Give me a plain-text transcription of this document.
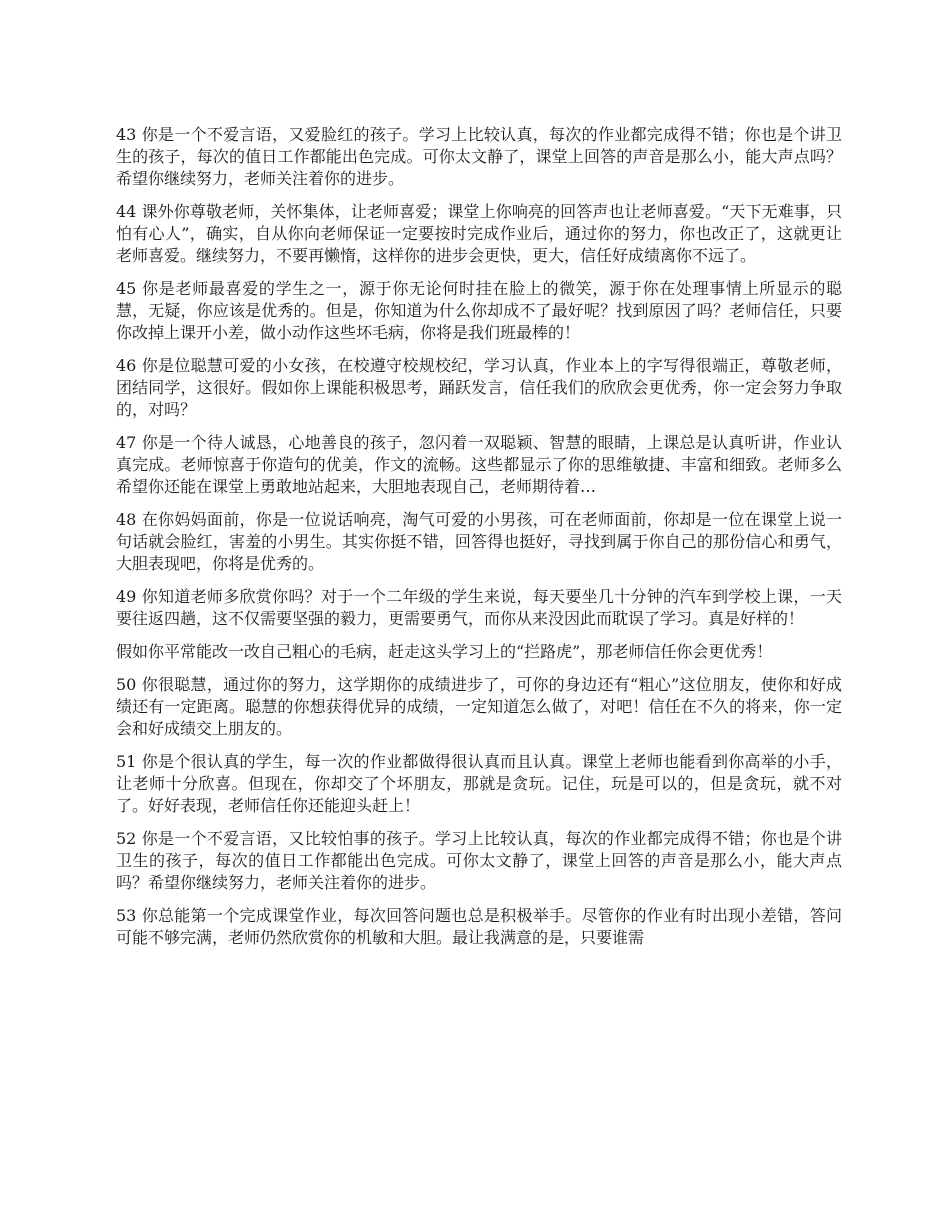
43 你是一个不爱言语，又爱脸红的孩子。学习上比较认真，每次的作业都完成得不错；你也是个讲卫生的孩子，每次的值日工作都能出色完成。可你太文静了，课堂上回答的声音是那么小，能大声点吗？希望你继续努力，老师关注着你的进步。

44 课外你尊敬老师，关怀集体，让老师喜爱；课堂上你响亮的回答声也让老师喜爱。“天下无难事，只怕有心人”，确实，自从你向老师保证一定要按时完成作业后，通过你的努力，你也改正了，这就更让老师喜爱。继续努力，不要再懒惰，这样你的进步会更快，更大，信任好成绩离你不远了。

45 你是老师最喜爱的学生之一，源于你无论何时挂在脸上的微笑，源于你在处理事情上所显示的聪慧，无疑，你应该是优秀的。但是，你知道为什么你却成不了最好呢？找到原因了吗？老师信任，只要你改掉上课开小差，做小动作这些坏毛病，你将是我们班最棒的！

46 你是位聪慧可爱的小女孩，在校遵守校规校纪，学习认真，作业本上的字写得很端正，尊敬老师，团结同学，这很好。假如你上课能积极思考，踊跃发言，信任我们的欣欣会更优秀，你一定会努力争取的，对吗？

47 你是一个待人诚恳，心地善良的孩子，忽闪着一双聪颖、智慧的眼睛，上课总是认真听讲，作业认真完成。老师惊喜于你造句的优美，作文的流畅。这些都显示了你的思维敏捷、丰富和细致。老师多么希望你还能在课堂上勇敢地站起来，大胆地表现自己，老师期待着…

48 在你妈妈面前，你是一位说话响亮，淘气可爱的小男孩，可在老师面前，你却是一位在课堂上说一句话就会脸红，害羞的小男生。其实你挺不错，回答得也挺好，寻找到属于你自己的那份信心和勇气，大胆表现吧，你将是优秀的。

49 你知道老师多欣赏你吗？对于一个二年级的学生来说，每天要坐几十分钟的汽车到学校上课，一天要往返四趟，这不仅需要坚强的毅力，更需要勇气，而你从来没因此而耽误了学习。真是好样的！

假如你平常能改一改自己粗心的毛病，赶走这头学习上的“拦路虎”，那老师信任你会更优秀！

50 你很聪慧，通过你的努力，这学期你的成绩进步了，可你的身边还有“粗心”这位朋友，使你和好成绩还有一定距离。聪慧的你想获得优异的成绩，一定知道怎么做了，对吧！信任在不久的将来，你一定会和好成绩交上朋友的。

51 你是个很认真的学生，每一次的作业都做得很认真而且认真。课堂上老师也能看到你高举的小手，让老师十分欣喜。但现在，你却交了个坏朋友，那就是贪玩。记住，玩是可以的，但是贪玩，就不对了。好好表现，老师信任你还能迎头赶上！

52 你是一个不爱言语，又比较怕事的孩子。学习上比较认真，每次的作业都完成得不错；你也是个讲卫生的孩子，每次的值日工作都能出色完成。可你太文静了，课堂上回答的声音是那么小，能大声点吗？希望你继续努力，老师关注着你的进步。

53 你总能第一个完成课堂作业，每次回答问题也总是积极举手。尽管你的作业有时出现小差错，答问可能不够完满，老师仍然欣赏你的机敏和大胆。最让我满意的是，只要谁需
